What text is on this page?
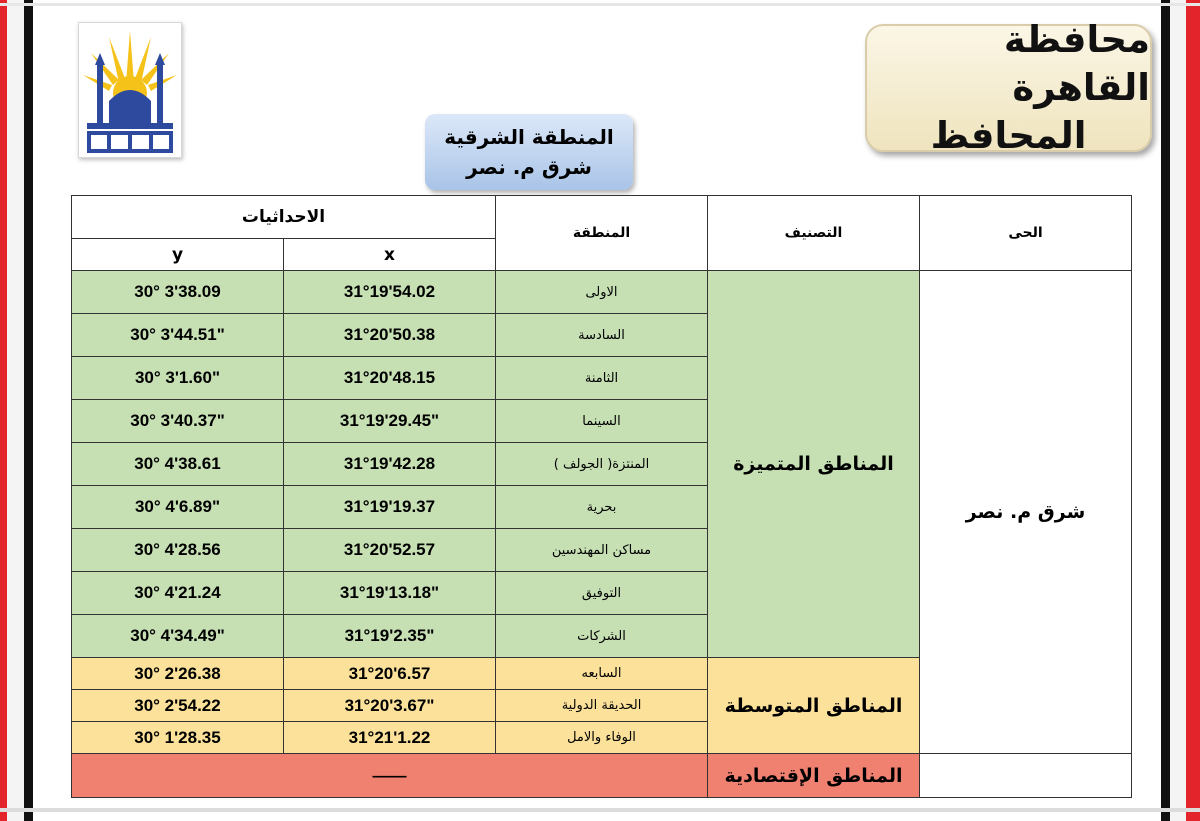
محافظة القاهرة
المحافظ
المنطقة الشرقية
شرق م. نصر
الاحداثيات		المنطقة	التصنيف	الحى
y	x			
30° 3'38.09	31°19'54.02	الاولى	المناطق المتميزة	شرق م. نصر
30° 3'44.51"	31°20'50.38	السادسة		
30° 3'1.60"	31°20'48.15	الثامنة		
30° 3'40.37"	31°19'29.45"	السينما		
30° 4'38.61	31°19'42.28	المنتزة( الجولف )		
30° 4'6.89"	31°19'19.37	بحرية		
30° 4'28.56	31°20'52.57	مساكن المهندسين		
30° 4'21.24	31°19'13.18"	التوفيق		
30° 4'34.49"	31°19'2.35"	الشركات		
30° 2'26.38	31°20'6.57	السابعه	المناطق المتوسطة	
30° 2'54.22	31°20'3.67"	الحديقة الدولية		
30° 1'28.35	31°21'1.22	الوفاء والامل		
——			المناطق الإقتصادية	
